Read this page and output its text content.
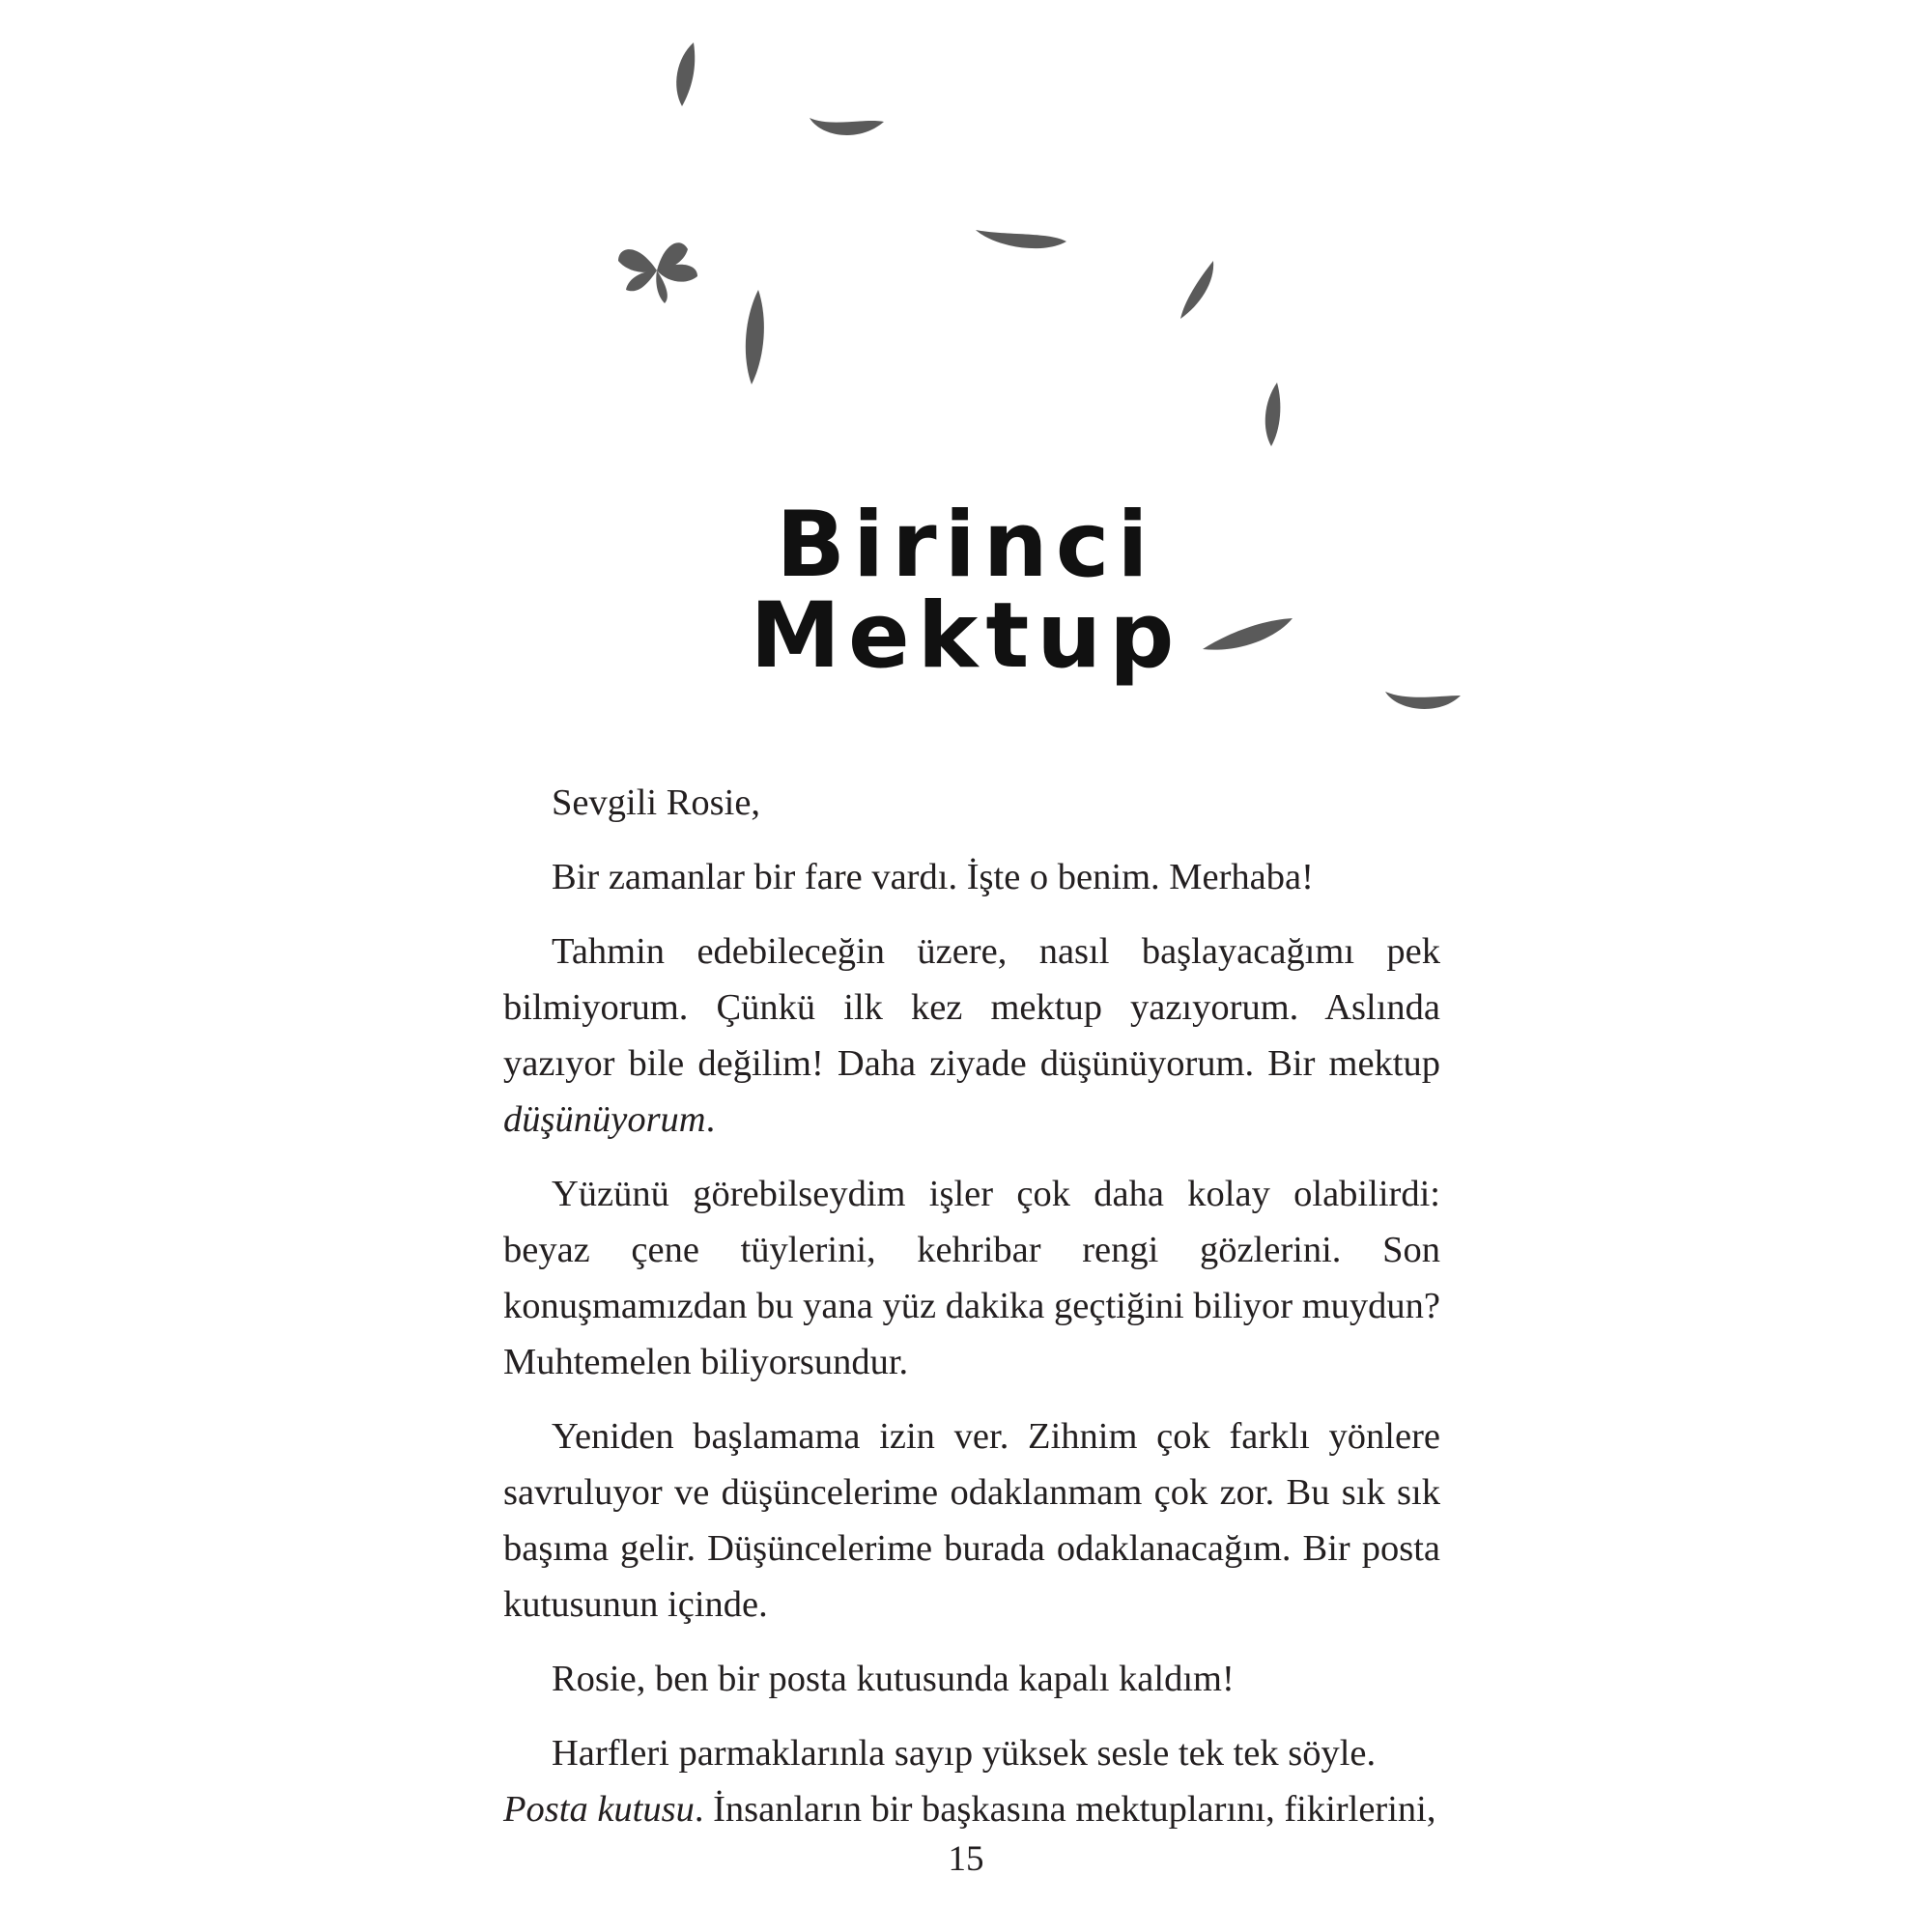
Birinci Mektup

Sevgili Rosie,

Bir zamanlar bir fare vardı. İşte o benim. Merhaba!

Tahmin edebileceğin üzere, nasıl başlayacağımı pek bilmiyorum. Çünkü ilk kez mektup yazıyorum. Aslında yazıyor bile değilim! Daha ziyade düşünüyorum. Bir mektup düşünüyorum.

Yüzünü görebilseydim işler çok daha kolay olabilirdi: beyaz çene tüylerini, kehribar rengi gözlerini. Son konuşmamızdan bu yana yüz dakika geçtiğini biliyor muydun? Muhtemelen biliyorsundur.

Yeniden başlamama izin ver. Zihnim çok farklı yönlere savruluyor ve düşüncelerime odaklanmam çok zor. Bu sık sık başıma gelir. Düşüncelerime burada odaklanacağım. Bir posta kutusunun içinde.

Rosie, ben bir posta kutusunda kapalı kaldım!

Harfleri parmaklarınla sayıp yüksek sesle tek tek söyle.
Posta kutusu. İnsanların bir başkasına mektuplarını, fikirlerini,

15
